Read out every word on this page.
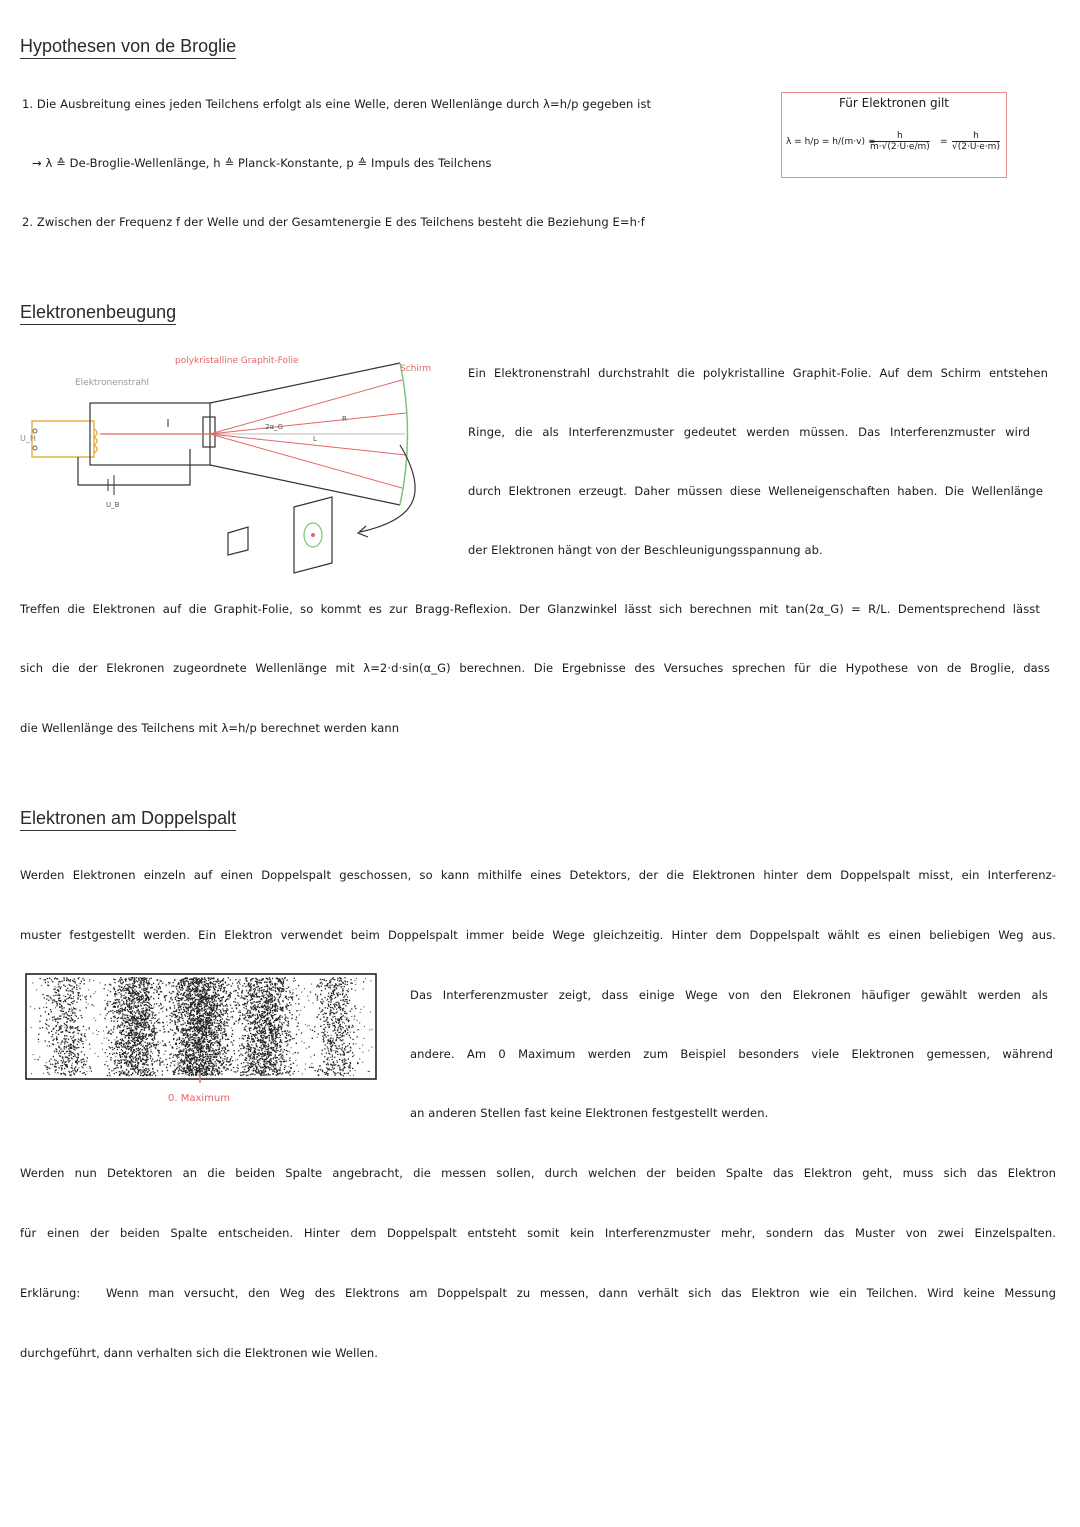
Hypothesen von de Broglie
1. Die Ausbreitung eines jeden Teilchens erfolgt als eine Welle, deren Wellenlänge durch λ=h/p gegeben ist
→ λ ≙ De-Broglie-Wellenlänge, h ≙ Planck-Konstante, p ≙ Impuls des Teilchens
2. Zwischen der Frequenz f der Welle und der Gesamtenergie E des Teilchens besteht die Beziehung E=h·f
Für Elektronen gilt
λ = h/p = h/(m·v) =
$\frac{h}{m\cdot√(2\cdot U\cdot e/m)} = \frac{h}{√(2\cdot U\cdot e\cdot m)}$
Elektronenbeugung
U_H
polykristalline Graphit-Folie
Elektronenstrahl
Schirm
2α_G
R
L
U_B
Ein Elektronenstrahl durchstrahlt die polykristalline Graphit-Folie. Auf dem Schirm entstehen
Ringe, die als Interferenzmuster gedeutet werden müssen. Das Interferenzmuster wird
durch Elektronen erzeugt. Daher müssen diese Welleneigenschaften haben. Die Wellenlänge
der Elektronen hängt von der Beschleunigungsspannung ab.
Treffen die Elektronen auf die Graphit-Folie, so kommt es zur Bragg-Reflexion. Der Glanzwinkel lässt sich berechnen mit tan(2α_G) = R/L. Dementsprechend lässt
sich die der Elekronen zugeordnete Wellenlänge mit λ=2·d·sin(α_G) berechnen. Die Ergebnisse des Versuches sprechen für die Hypothese von de Broglie, dass
die Wellenlänge des Teilchens mit λ=h/p berechnet werden kann
Elektronen am Doppelspalt
Werden Elektronen einzeln auf einen Doppelspalt geschossen, so kann mithilfe eines Detektors, der die Elektronen hinter dem Doppelspalt misst, ein Interferenz-
muster festgestellt werden. Ein Elektron verwendet beim Doppelspalt immer beide Wege gleichzeitig. Hinter dem Doppelspalt wählt es einen beliebigen Weg aus.
0. Maximum
Das Interferenzmuster zeigt, dass einige Wege von den Elekronen häufiger gewählt werden als
andere. Am 0 Maximum werden zum Beispiel besonders viele Elektronen gemessen, während
an anderen Stellen fast keine Elektronen festgestellt werden.
Werden nun Detektoren an die beiden Spalte angebracht, die messen sollen, durch welchen der beiden Spalte das Elektron geht, muss sich das Elektron
für einen der beiden Spalte entscheiden. Hinter dem Doppelspalt entsteht somit kein Interferenzmuster mehr, sondern das Muster von zwei Einzelspalten.
Erklärung: Wenn man versucht, den Weg des Elektrons am Doppelspalt zu messen, dann verhält sich das Elektron wie ein Teilchen. Wird keine Messung
durchgeführt, dann verhalten sich die Elektronen wie Wellen.
